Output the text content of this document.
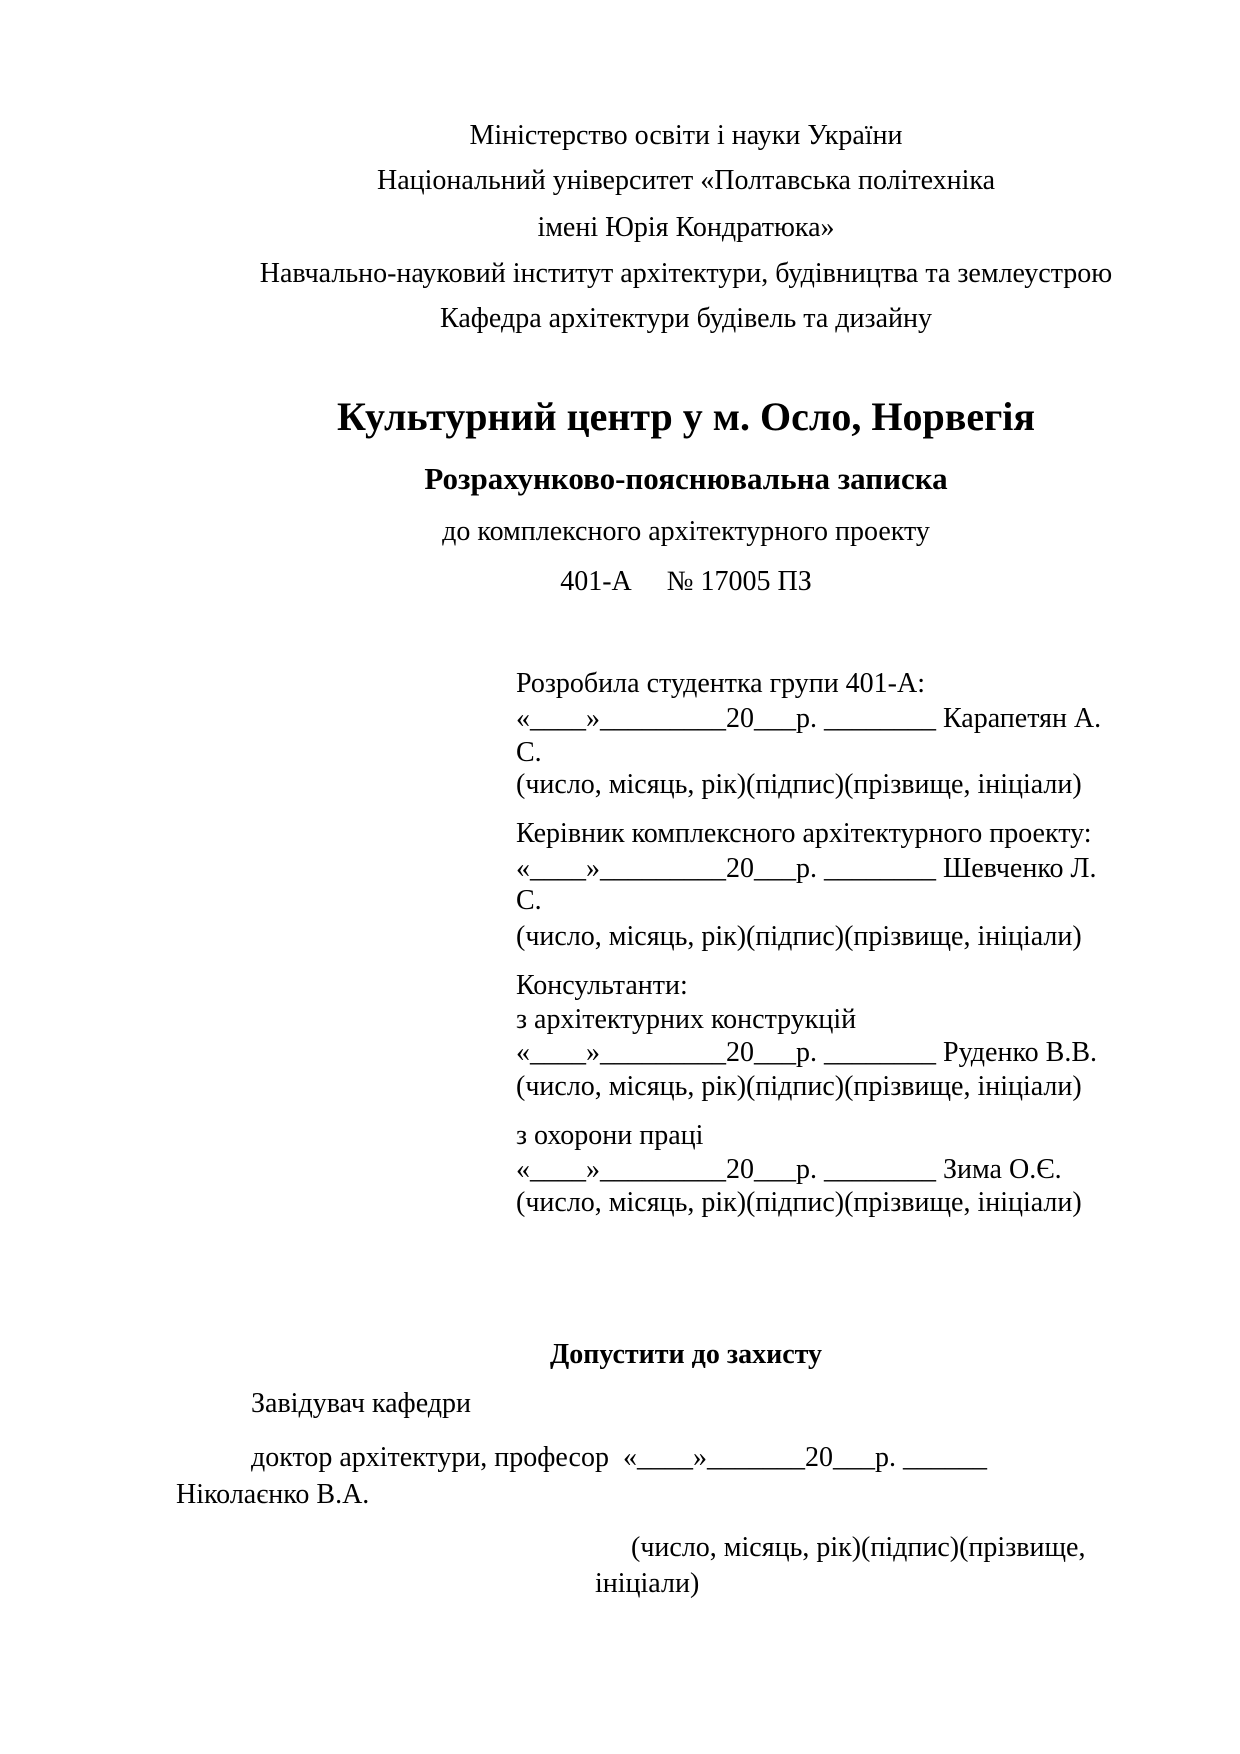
Міністерство освіти і науки України
Національний університет «Полтавська політехніка
імені Юрія Кондратюка»
Навчально-науковий інститут архітектури, будівництва та землеустрою
Кафедра архітектури будівель та дизайну
Культурний центр у м. Осло, Норвегія
Розрахунково-пояснювальна записка
до комплексного архітектурного проекту
401-А     № 17005 ПЗ
Розробила студентка групи 401-А:
«____»_________20___р. ________ Карапетян А.
С.
(число, місяць, рік)(підпис)(прізвище, ініціали)
Керівник комплексного архітектурного проекту:
«____»_________20___р. ________ Шевченко Л.
С.
(число, місяць, рік)(підпис)(прізвище, ініціали)
Консультанти:
з архітектурних конструкцій
«____»_________20___р. ________ Руденко В.В.
(число, місяць, рік)(підпис)(прізвище, ініціали)
з охорони праці
«____»_________20___р. ________ Зима О.Є.
(число, місяць, рік)(підпис)(прізвище, ініціали)
Допустити до захисту
Завідувач кафедри
доктор архітектури, професор  «____»_______20___р. ______
Ніколаєнко В.А.
(число, місяць, рік)(підпис)(прізвище,
ініціали)
